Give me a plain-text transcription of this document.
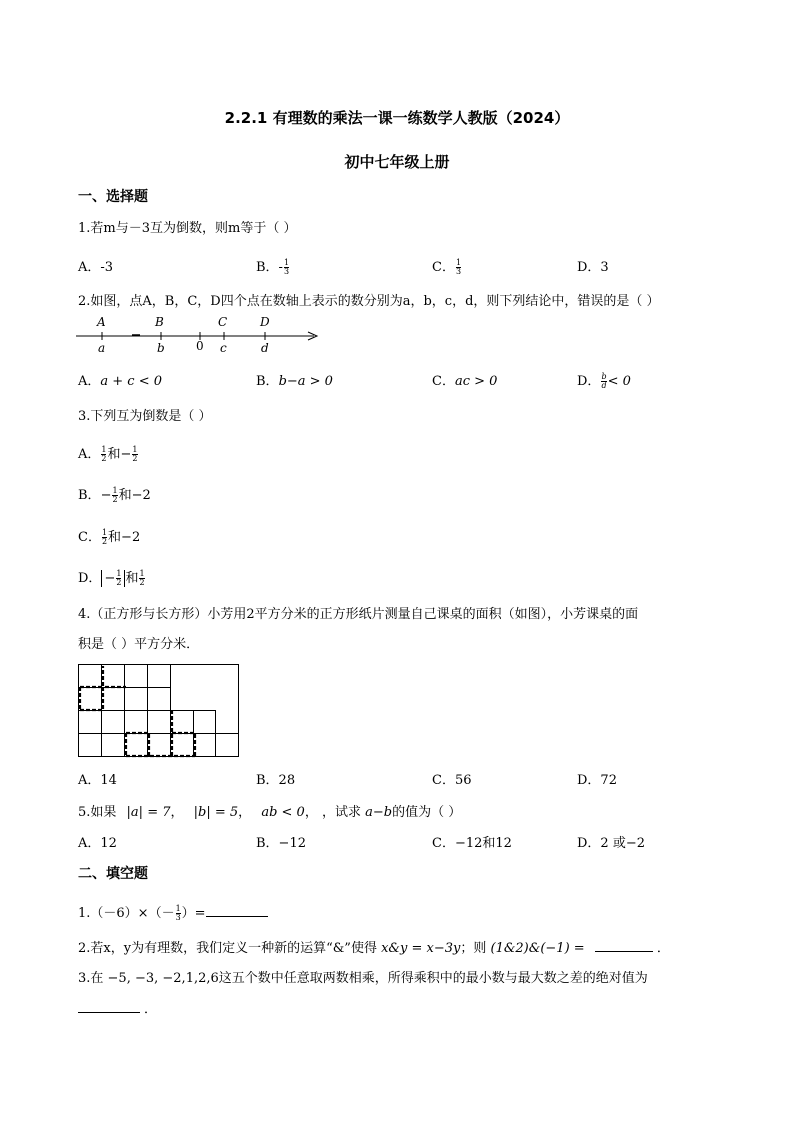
2.2.1 有理数的乘法一课一练数学人教版（2024）
初中七年级上册
一、选择题
1.若m与－3互为倒数，则m等于（ ）
A．-3	B．- $\frac{1}{3}$	C． $\frac{1}{3}$	D．3
2.如图，点A，B，C，D四个点在数轴上表示的数分别为a，b，c，d，则下列结论中，错误的是（ ）
A	B	C	D
a	b	0 c	d
A．a + c < 0	B．b−a > 0	C．ac > 0	D． $\frac{b}{d} < 0$
3.下列互为倒数是（ ）
A． $\frac{1}{2}$ 和− $\frac{1}{2}$
B．− $\frac{1}{2}$ 和−2
C． $\frac{1}{2}$ 和−2
D． − $\frac{1}{2}$ 和 $\frac{1}{2}$
4.（正方形与长方形）小芳用2平方分米的正方形纸片测量自己课桌的面积（如图），小芳课桌的面
积是（ ）平方分米．
A．14	B．28	C．56	D．72
5.如果 |a| = 7， |b| = 5， ab < 0， ，试求 a−b的值为（ ）
A．12	B．−12	C．−12和12	D．2 或−2
二、填空题
$1.(-6)\times(- \frac{1}{3}$ ）=
2.若x，y为有理数，我们定义一种新的运算“&”使得 x&y = x−3y；则 (1&2)&(−1) =	．
3.在 −5, −3, −2,1,2,6这五个数中任意取两数相乘，所得乘积中的最小数与最大数之差的绝对值为
．
